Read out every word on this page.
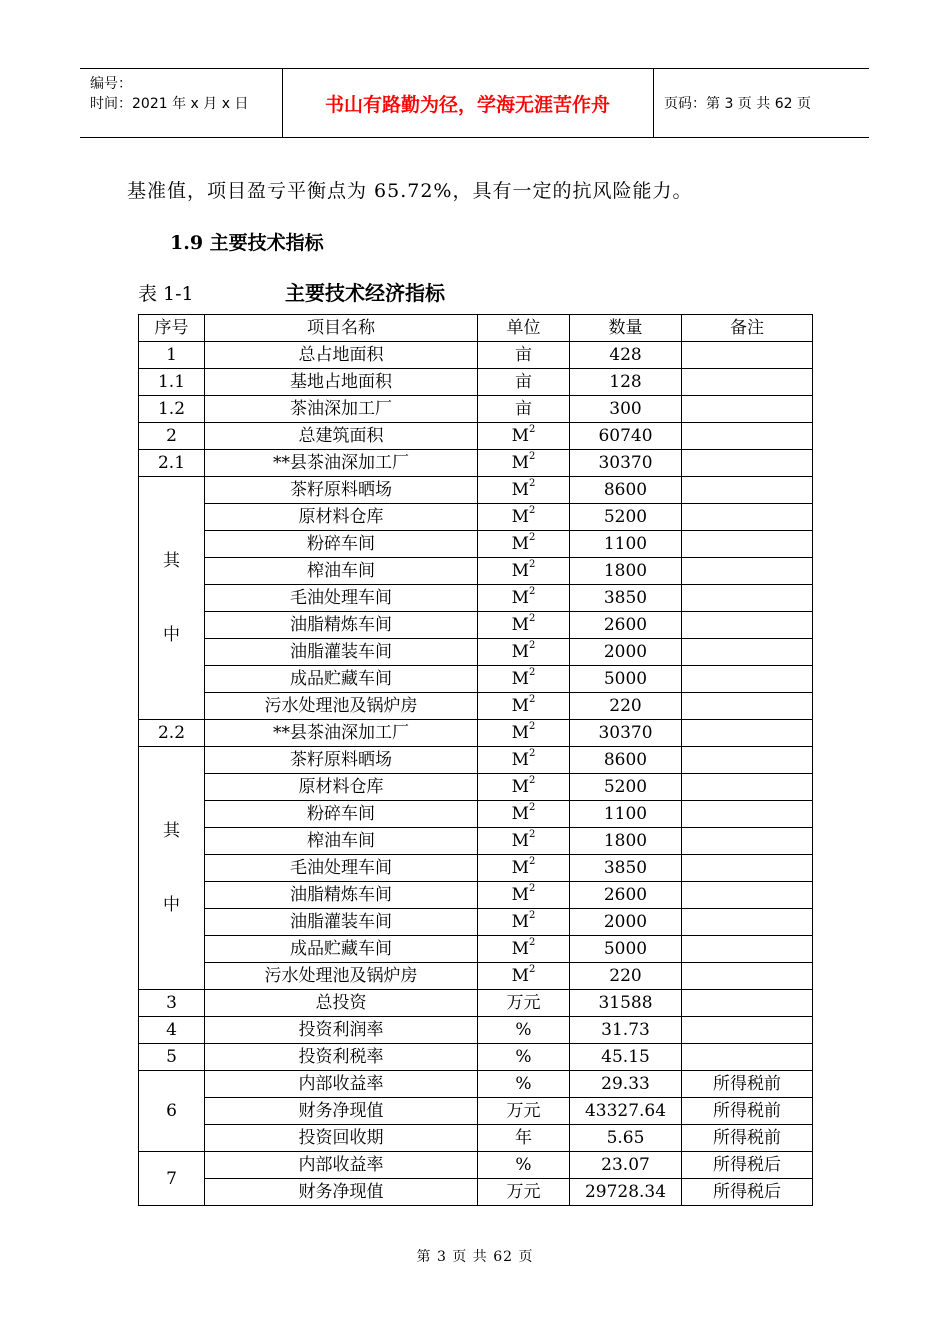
编号：
时间：2021 年 x 月 x 日	书山有路勤为径，学海无涯苦作舟	页码：第 3 页 共 62 页
基准值，项目盈亏平衡点为 65.72%，具有一定的抗风险能力。
1.9 主要技术指标
表 1-1	主要技术经济指标
序号	项目名称	单位	数量	备注
1	总占地面积	亩	428	
1.1	基地占地面积	亩	128	
1.2	茶油深加工厂	亩	300	
2	总建筑面积	$M^2$	60740	
2.1	**县茶油深加工厂	$M^2$	30370	

其
中	茶籽原料晒场	$M^2$	8600	
	原材料仓库	$M^2$	5200	
	粉碎车间	$M^2$	1100	
	榨油车间	$M^2$	1800	
	毛油处理车间	$M^2$	3850	
	油脂精炼车间	$M^2$	2600	
	油脂灌装车间	$M^2$	2000	
	成品贮藏车间	$M^2$	5000	
	污水处理池及锅炉房	$M^2$	220	
2.2	**县茶油深加工厂	$M^2$	30370	

其
中	茶籽原料晒场	$M^2$	8600	
	原材料仓库	$M^2$	5200	
	粉碎车间	$M^2$	1100	
	榨油车间	$M^2$	1800	
	毛油处理车间	$M^2$	3850	
	油脂精炼车间	$M^2$	2600	
	油脂灌装车间	$M^2$	2000	
	成品贮藏车间	$M^2$	5000	
	污水处理池及锅炉房	$M^2$	220	
3	总投资	万元	31588	
4	投资利润率	%	31.73	
5	投资利税率	%	45.15	
6	内部收益率	%	29.33	所得税前
	财务净现值	万元	43327.64	所得税前
	投资回收期	年	5.65	所得税前
7	内部收益率	%	23.07	所得税后
	财务净现值	万元	29728.34	所得税后
第 3 页 共 62 页
